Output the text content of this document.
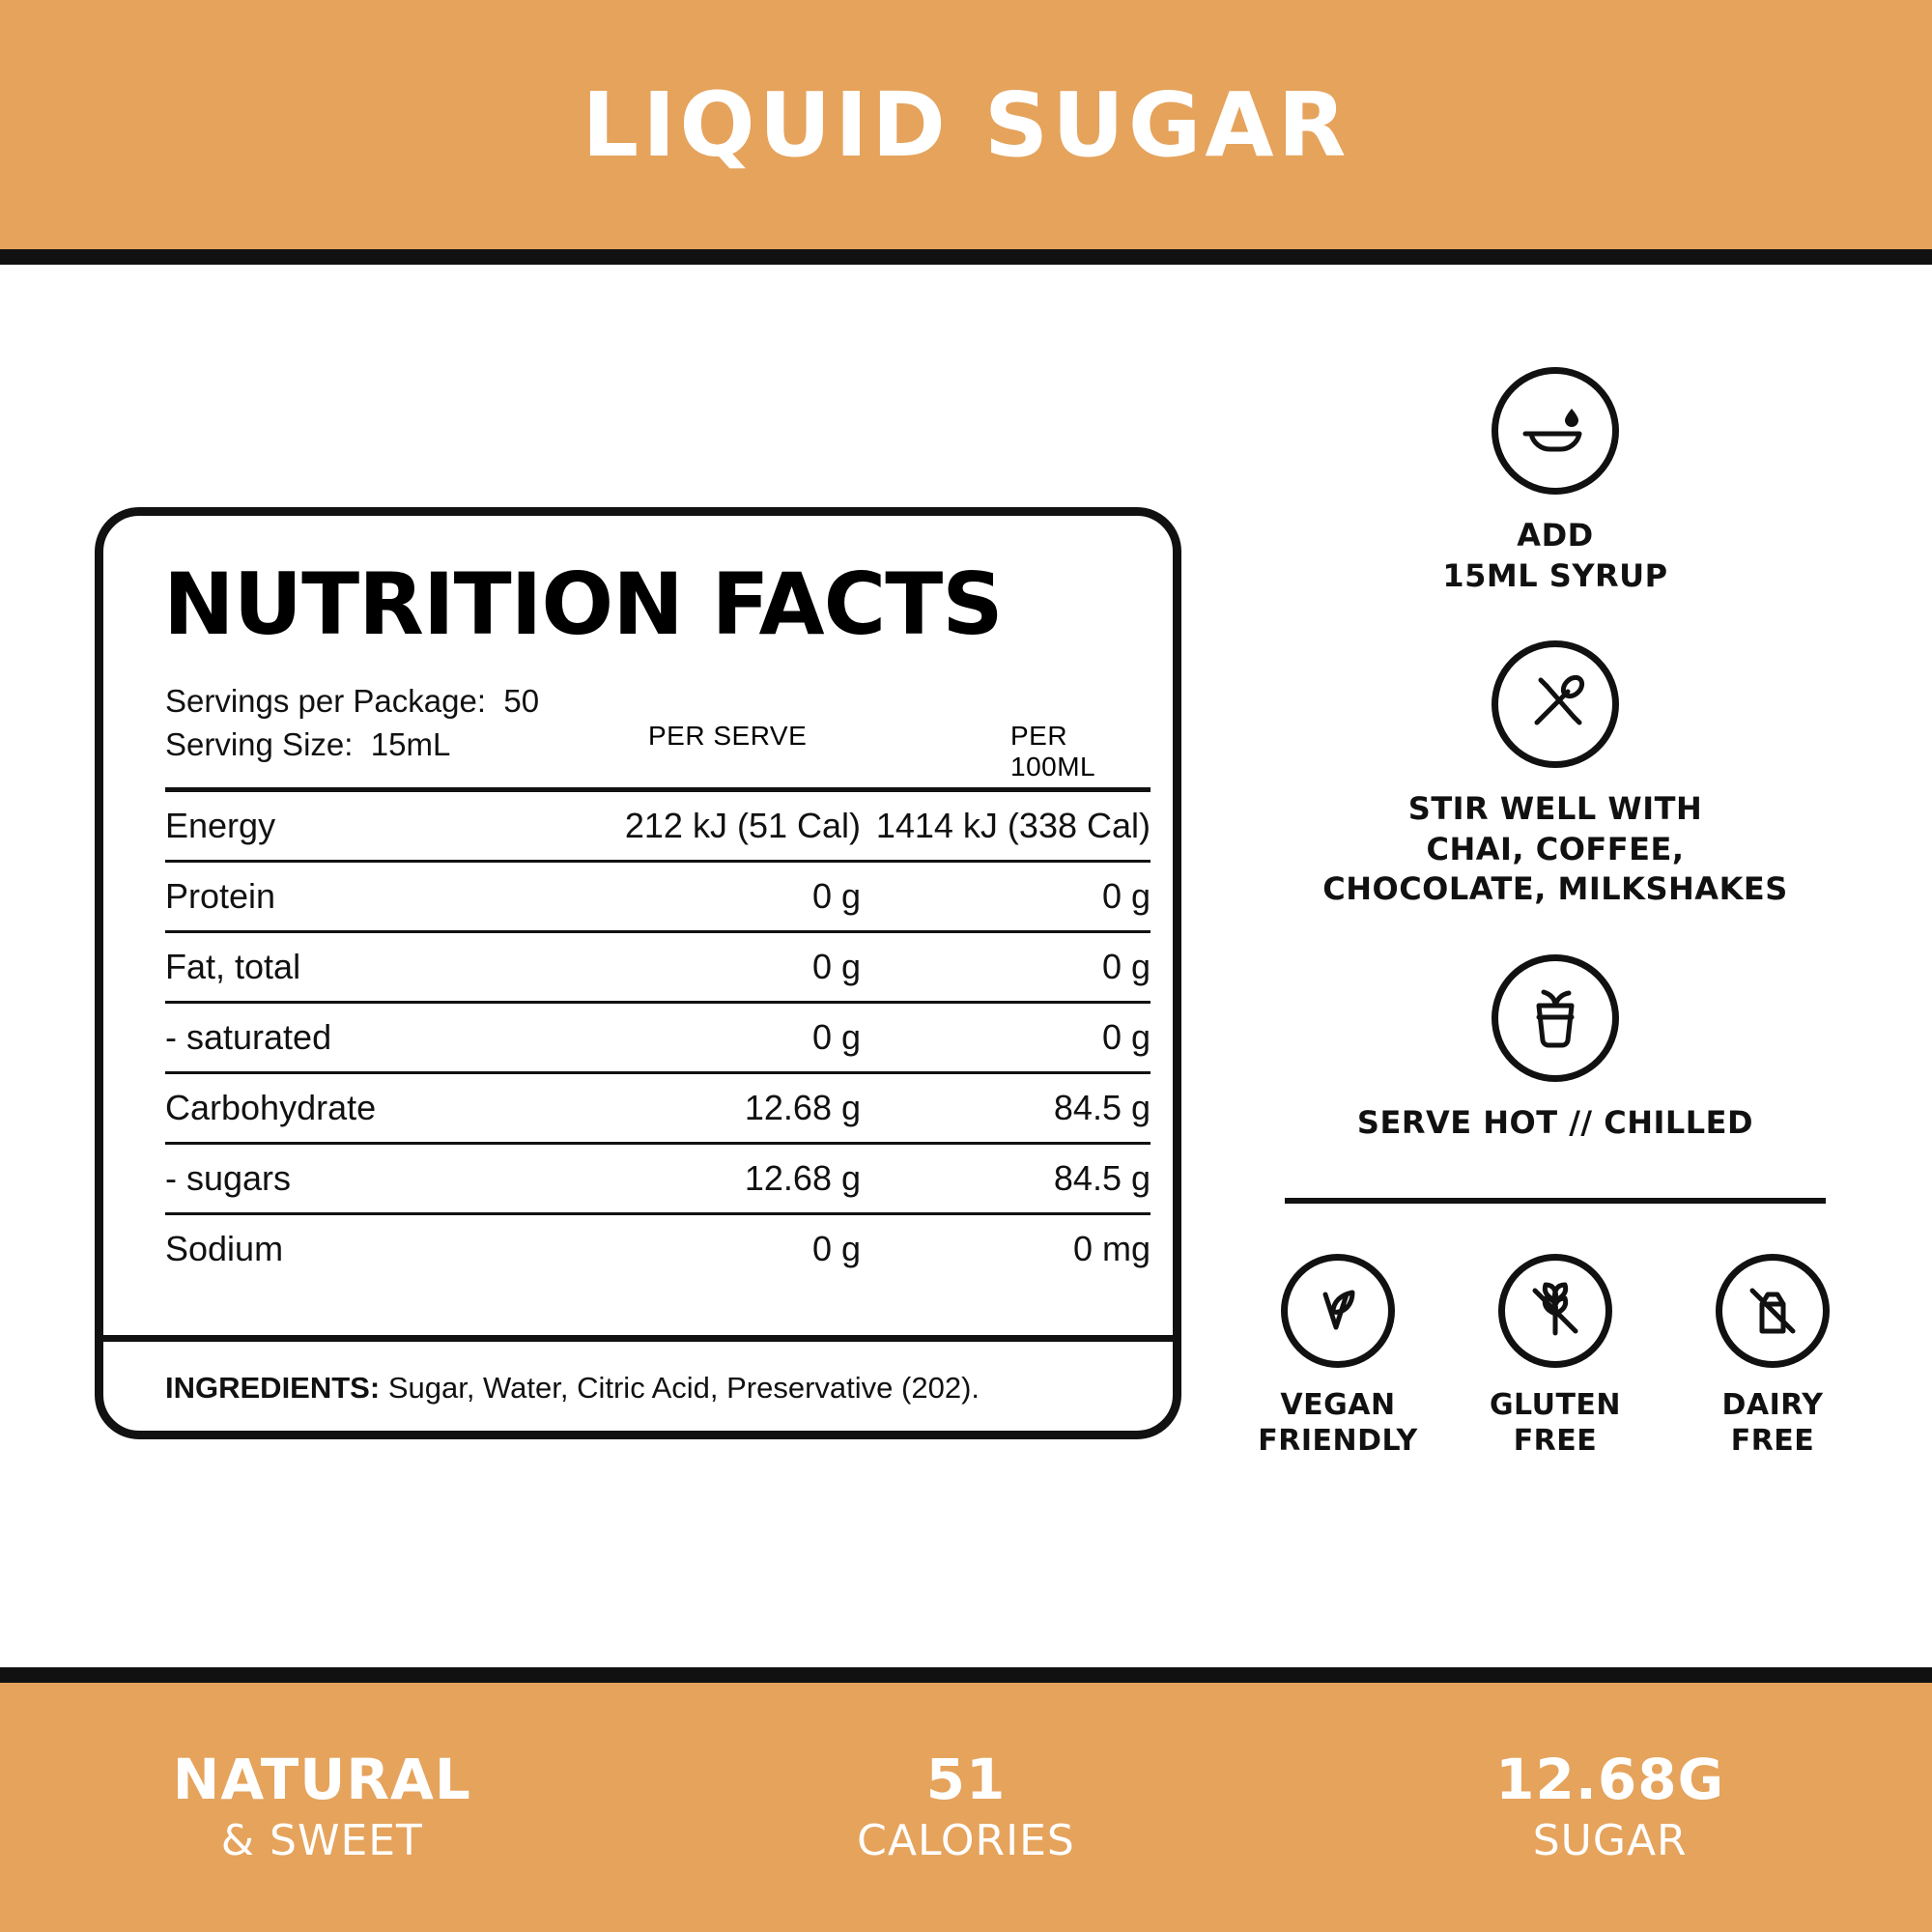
LIQUID SUGAR
NUTRITION FACTS
Servings per Package: 50
Serving Size: 15mL	PER SERVE	PER 100ML
Energy	212 kJ (51 Cal)	1414 kJ (338 Cal)
Protein	0 g	0 g
Fat, total	0 g	0 g
- saturated	0 g	0 g
Carbohydrate	12.68 g	84.5 g
- sugars	12.68 g	84.5 g
Sodium	0 g	0 mg
INGREDIENTS: Sugar, Water, Citric Acid, Preservative (202).
ADD
15ML SYRUP
STIR WELL WITH
CHAI, COFFEE,
CHOCOLATE, MILKSHAKES
SERVE HOT // CHILLED
VEGAN
FRIENDLY
GLUTEN
FREE
DAIRY
FREE
NATURAL
& SWEET
51
CALORIES
12.68G
SUGAR
